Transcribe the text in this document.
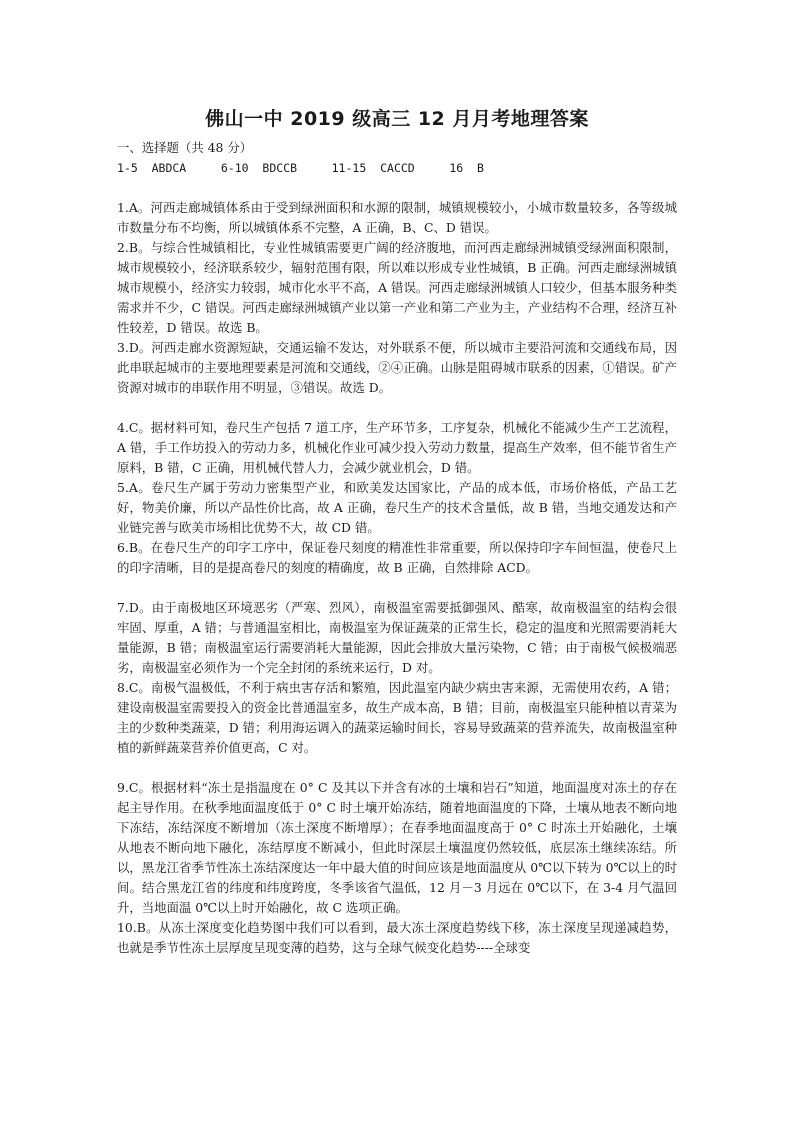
佛山一中 2019 级高三 12 月月考地理答案

一、选择题（共 48 分）

1-5  ABDCA     6-10  BDCCB     11-15  CACCD     16  B

1.A。河西走廊城镇体系由于受到绿洲面积和水源的限制，城镇规模较小，小城市数量较多，各等级城市数量分布不均衡，所以城镇体系不完整，A 正确，B、C、D 错误。

2.B。与综合性城镇相比，专业性城镇需要更广阔的经济腹地，而河西走廊绿洲城镇受绿洲面积限制，城市规模较小，经济联系较少，辐射范围有限，所以难以形成专业性城镇，B 正确。河西走廊绿洲城镇城市规模小，经济实力较弱，城市化水平不高，A 错误。河西走廊绿洲城镇人口较少，但基本服务种类需求并不少，C 错误。河西走廊绿洲城镇产业以第一产业和第二产业为主，产业结构不合理，经济互补性较差，D 错误。故选 B。

3.D。河西走廊水资源短缺，交通运输不发达，对外联系不便，所以城市主要沿河流和交通线布局，因此串联起城市的主要地理要素是河流和交通线，②④正确。山脉是阻碍城市联系的因素，①错误。矿产资源对城市的串联作用不明显，③错误。故选 D。

4.C。据材料可知，卷尺生产包括 7 道工序，生产环节多，工序复杂，机械化不能减少生产工艺流程，A 错，手工作坊投入的劳动力多，机械化作业可减少投入劳动力数量，提高生产效率，但不能节省生产原料，B 错，C 正确，用机械代替人力，会减少就业机会，D 错。

5.A。卷尺生产属于劳动力密集型产业，和欧美发达国家比，产品的成本低，市场价格低，产品工艺好，物美价廉，所以产品性价比高，故 A 正确，卷尺生产的技术含量低，故 B 错，当地交通发达和产业链完善与欧美市场相比优势不大，故 CD 错。

6.B。在卷尺生产的印字工序中，保证卷尺刻度的精准性非常重要，所以保持印字车间恒温，使卷尺上的印字清晰，目的是提高卷尺的刻度的精确度，故 B 正确，自然排除 ACD。

7.D。由于南极地区环境恶劣（严寒、烈风），南极温室需要抵御强风、酷寒，故南极温室的结构会很牢固、厚重，A 错；与普通温室相比，南极温室为保证蔬菜的正常生长，稳定的温度和光照需要消耗大量能源，B 错；南极温室运行需要消耗大量能源，因此会排放大量污染物，C 错；由于南极气候极端恶劣，南极温室必须作为一个完全封闭的系统来运行，D 对。

8.C。南极气温极低，不利于病虫害存活和繁殖，因此温室内缺少病虫害来源，无需使用农药，A 错；建设南极温室需要投入的资金比普通温室多，故生产成本高，B 错；目前，南极温室只能种植以青菜为主的少数种类蔬菜，D 错；利用海运调入的蔬菜运输时间长，容易导致蔬菜的营养流失，故南极温室种植的新鲜蔬菜营养价值更高，C 对。

9.C。根据材料“冻土是指温度在 0° C 及其以下并含有冰的土壤和岩石”知道，地面温度对冻土的存在起主导作用。在秋季地面温度低于 0° C 时土壤开始冻结，随着地面温度的下降，土壤从地表不断向地下冻结，冻结深度不断增加（冻土深度不断增厚）；在春季地面温度高于 0° C 时冻土开始融化，土壤从地表不断向地下融化，冻结厚度不断减小，但此时深层土壤温度仍然较低，底层冻土继续冻结。所以，黑龙江省季节性冻土冻结深度达一年中最大值的时间应该是地面温度从 0℃以下转为 0℃以上的时间。结合黑龙江省的纬度和纬度跨度，冬季该省气温低，12 月－3 月远在 0℃以下，在 3-4 月气温回升，当地面温 0℃以上时开始融化，故 C 选项正确。

10.B。从冻土深度变化趋势图中我们可以看到，最大冻土深度趋势线下移，冻土深度呈现递减趋势，也就是季节性冻土层厚度呈现变薄的趋势，这与全球气候变化趋势----全球变
